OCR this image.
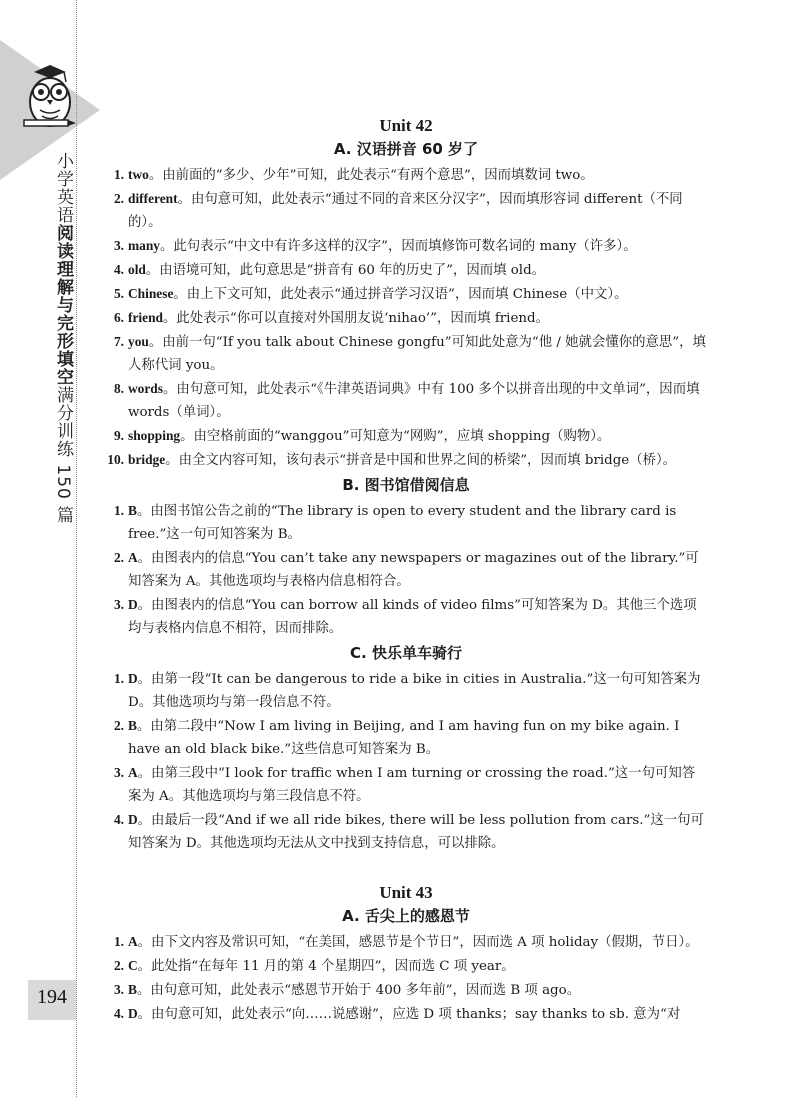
小学英语阅读理解与完形填空满分训练 150 篇
194
Unit 42
A. 汉语拼音 60 岁了
1. two。由前面的“多少、少年”可知，此处表示“有两个意思”，因而填数词 two。
2. different。由句意可知，此处表示“通过不同的音来区分汉字”，因而填形容词 different（不同的）。
3. many。此句表示“中文中有许多这样的汉字”，因而填修饰可数名词的 many（许多）。
4. old。由语境可知，此句意思是“拼音有 60 年的历史了”，因而填 old。
5. Chinese。由上下文可知，此处表示“通过拼音学习汉语”，因而填 Chinese（中文）。
6. friend。此处表示“你可以直接对外国朋友说‘nihao’”，因而填 friend。
7. you。由前一句“If you talk about Chinese gongfu”可知此处意为“他 / 她就会懂你的意思”，填人称代词 you。
8. words。由句意可知，此处表示“《牛津英语词典》中有 100 多个以拼音出现的中文单词”，因而填 words（单词）。
9. shopping。由空格前面的“wanggou”可知意为“网购”，应填 shopping（购物）。
10. bridge。由全文内容可知，该句表示“拼音是中国和世界之间的桥梁”，因而填 bridge（桥）。
B. 图书馆借阅信息
1. B。由图书馆公告之前的“The library is open to every student and the library card is free.”这一句可知答案为 B。
2. A。由图表内的信息“You can’t take any newspapers or magazines out of the library.”可知答案为 A。其他选项均与表格内信息相符合。
3. D。由图表内的信息“You can borrow all kinds of video films”可知答案为 D。其他三个选项均与表格内信息不相符，因而排除。
C. 快乐单车骑行
1. D。由第一段“It can be dangerous to ride a bike in cities in Australia.”这一句可知答案为 D。其他选项均与第一段信息不符。
2. B。由第二段中“Now I am living in Beijing, and I am having fun on my bike again. I have an old black bike.”这些信息可知答案为 B。
3. A。由第三段中“I look for traffic when I am turning or crossing the road.”这一句可知答案为 A。其他选项均与第三段信息不符。
4. D。由最后一段“And if we all ride bikes, there will be less pollution from cars.”这一句可知答案为 D。其他选项均无法从文中找到支持信息，可以排除。
Unit 43
A. 舌尖上的感恩节
1. A。由下文内容及常识可知，“在美国，感恩节是个节日”，因而选 A 项 holiday（假期，节日）。
2. C。此处指“在每年 11 月的第 4 个星期四”，因而选 C 项 year。
3. B。由句意可知，此处表示“感恩节开始于 400 多年前”，因而选 B 项 ago。
4. D。由句意可知，此处表示“向……说感谢”，应选 D 项 thanks；say thanks to sb. 意为“对
